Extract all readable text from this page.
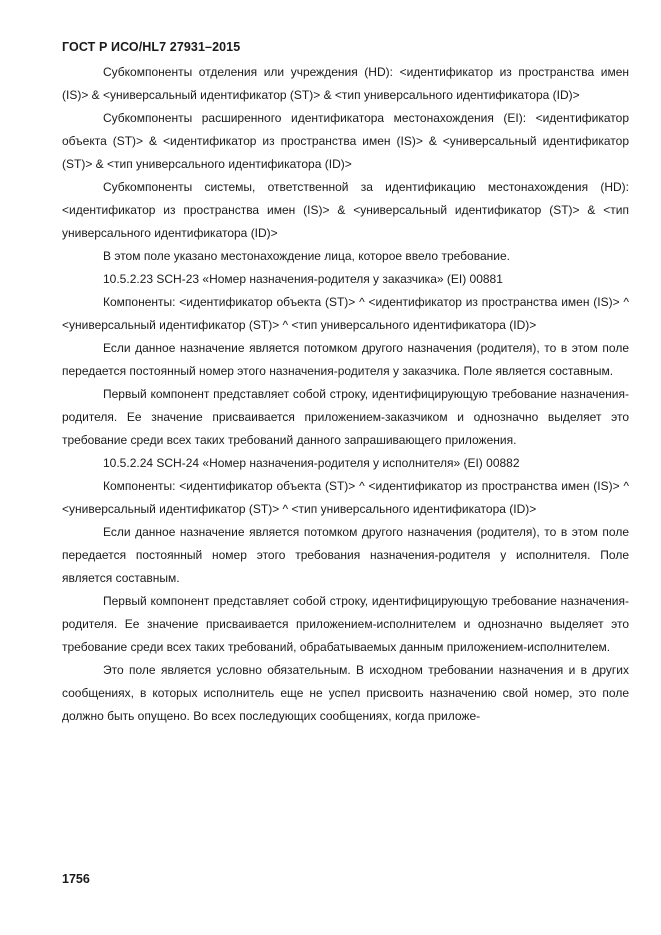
ГОСТ Р ИСО/HL7 27931–2015

Субкомпоненты отделения или учреждения (HD): <идентификатор из пространства имен (IS)> & <универсальный идентификатор (ST)> & <тип универсального идентификатора (ID)>

Субкомпоненты расширенного идентификатора местонахождения (EI): <идентификатор объекта (ST)> & <идентификатор из пространства имен (IS)> & <универсальный идентификатор (ST)> & <тип универсального идентификатора (ID)>

Субкомпоненты системы, ответственной за идентификацию местонахождения (HD): <идентификатор из пространства имен (IS)> & <универсальный идентификатор (ST)> & <тип универсального идентификатора (ID)>

В этом поле указано местонахождение лица, которое ввело требование.

10.5.2.23 SCH-23 «Номер назначения-родителя у заказчика» (EI) 00881

Компоненты: <идентификатор объекта (ST)> ^ <идентификатор из пространства имен (IS)> ^ <универсальный идентификатор (ST)> ^ <тип универсального идентификатора (ID)>

Если данное назначение является потомком другого назначения (родителя), то в этом поле передается постоянный номер этого назначения-родителя у заказчика. Поле является составным.

Первый компонент представляет собой строку, идентифицирующую требование назначения-родителя. Ее значение присваивается приложением-заказчиком и однозначно выделяет это требование среди всех таких требований данного запрашивающего приложения.

10.5.2.24 SCH-24 «Номер назначения-родителя у исполнителя» (EI) 00882

Компоненты: <идентификатор объекта (ST)> ^ <идентификатор из пространства имен (IS)> ^ <универсальный идентификатор (ST)> ^ <тип универсального идентификатора (ID)>

Если данное назначение является потомком другого назначения (родителя), то в этом поле передается постоянный номер этого требования назначения-родителя у исполнителя. Поле является составным.

Первый компонент представляет собой строку, идентифицирующую требование назначения-родителя. Ее значение присваивается приложением-исполнителем и однозначно выделяет это требование среди всех таких требований, обрабатываемых данным приложением-исполнителем.

Это поле является условно обязательным. В исходном требовании назначения и в других сообщениях, в которых исполнитель еще не успел присвоить назначению свой номер, это поле должно быть опущено. Во всех последующих сообщениях, когда приложе-

1756
